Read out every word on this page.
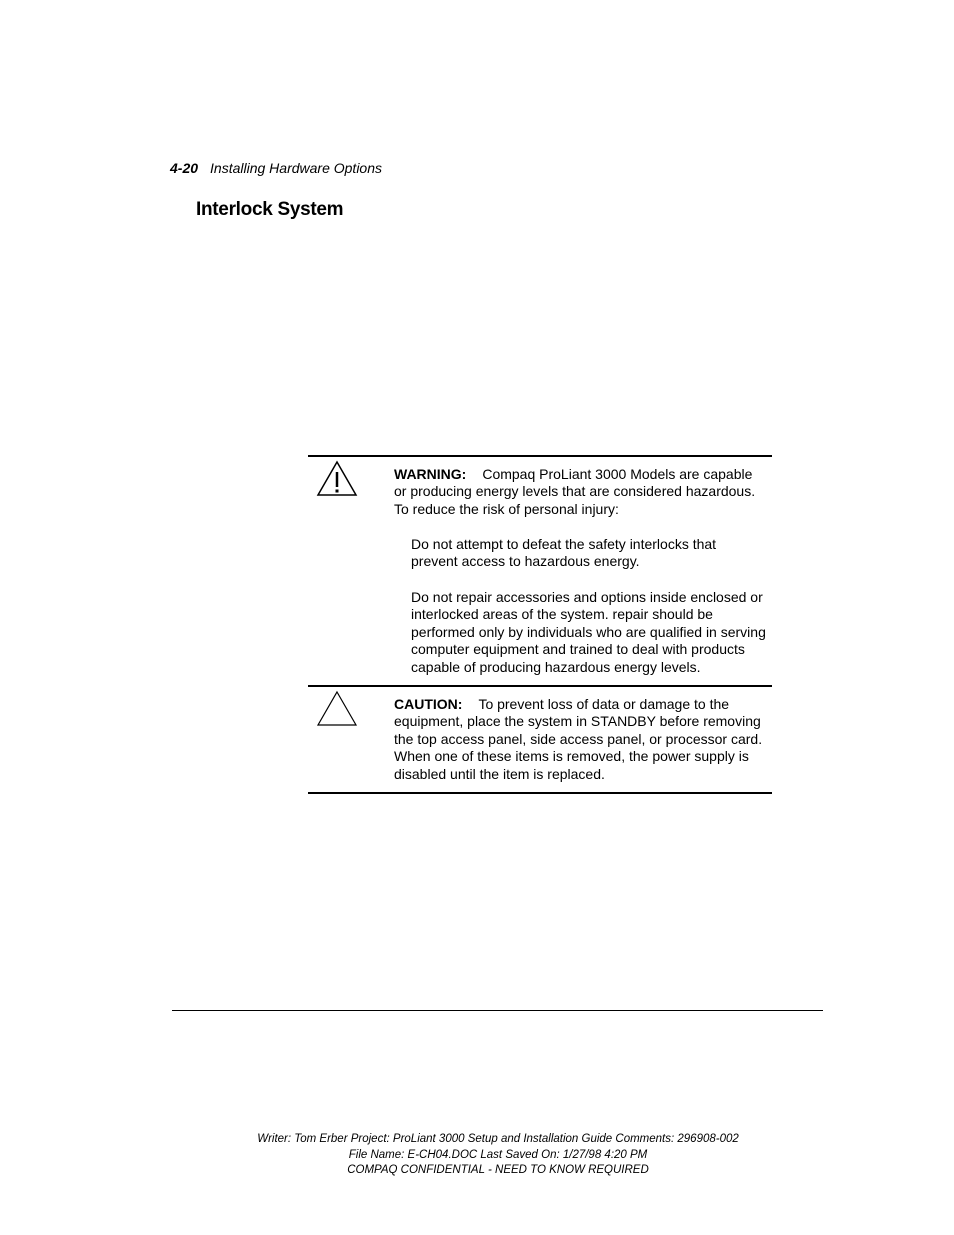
4-20 Installing Hardware Options
Interlock System
WARNING: Compaq ProLiant 3000 Models are capable or producing energy levels that are considered hazardous. To reduce the risk of personal injury:
Do not attempt to defeat the safety interlocks that prevent access to hazardous energy.
Do not repair accessories and options inside enclosed or interlocked areas of the system. repair should be performed only by individuals who are qualified in serving computer equipment and trained to deal with products capable of producing hazardous energy levels.
CAUTION: To prevent loss of data or damage to the equipment, place the system in STANDBY before removing the top access panel, side access panel, or processor card. When one of these items is removed, the power supply is disabled until the item is replaced.
Writer: Tom Erber Project: ProLiant 3000 Setup and Installation Guide Comments: 296908-002
File Name: E-CH04.DOC Last Saved On: 1/27/98 4:20 PM
COMPAQ CONFIDENTIAL - NEED TO KNOW REQUIRED
